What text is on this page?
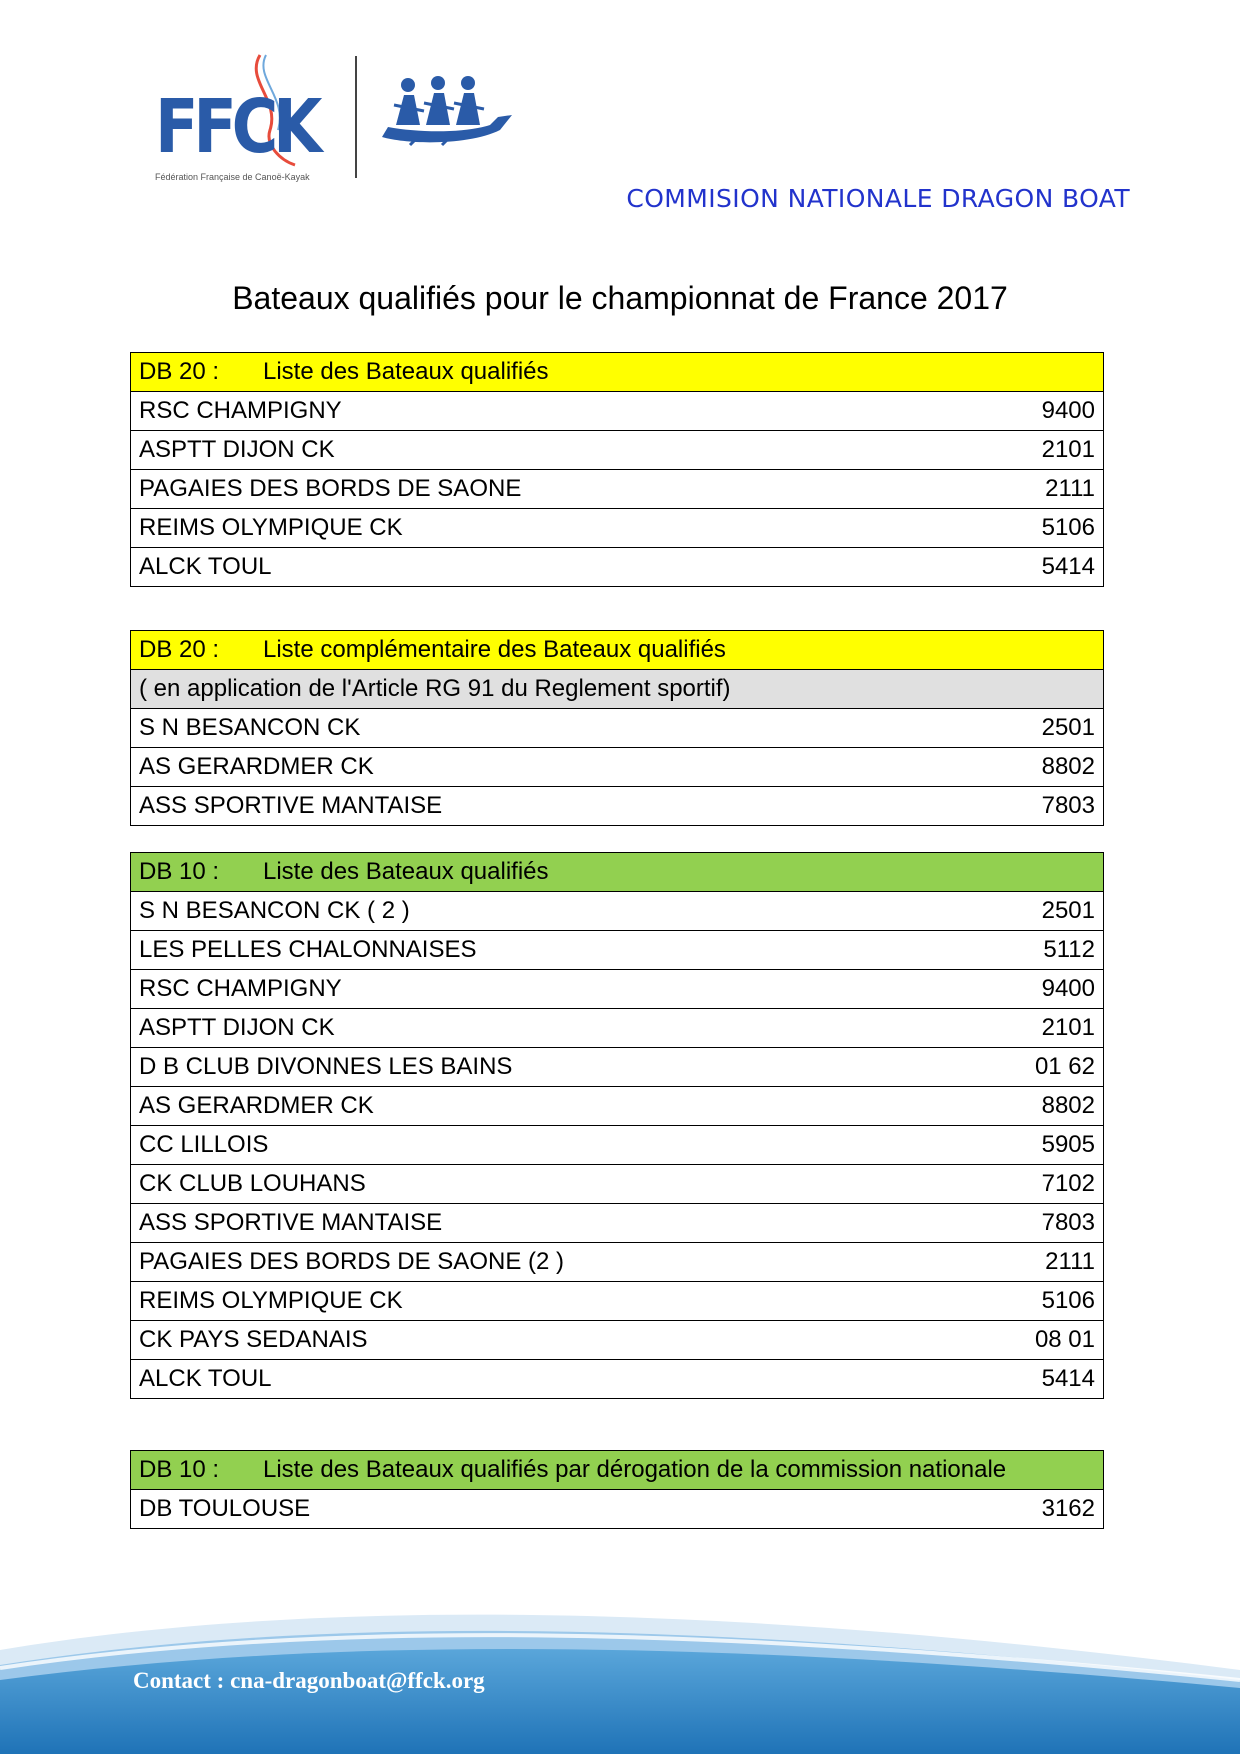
FFCK
Fédération Française de Canoë-Kayak
COMMISION NATIONALE DRAGON BOAT
Bateaux qualifiés pour le championnat de France 2017
DB 20 : Liste des Bateaux qualifiés	
RSC CHAMPIGNY	9400
ASPTT DIJON CK	2101
PAGAIES DES BORDS DE SAONE	2111
REIMS OLYMPIQUE CK	5106
ALCK TOUL	5414
DB 20 : Liste complémentaire des Bateaux qualifiés	
( en application de l'Article RG 91 du Reglement sportif)	
S N BESANCON CK	2501
AS GERARDMER CK	8802
ASS SPORTIVE MANTAISE	7803
DB 10 : Liste des Bateaux qualifiés	
S N BESANCON CK ( 2 )	2501
LES PELLES CHALONNAISES	5112
RSC CHAMPIGNY	9400
ASPTT DIJON CK	2101
D B CLUB DIVONNES LES BAINS	01 62
AS GERARDMER CK	8802
CC LILLOIS	5905
CK CLUB LOUHANS	7102
ASS SPORTIVE MANTAISE	7803
PAGAIES DES BORDS DE SAONE (2 )	2111
REIMS OLYMPIQUE CK	5106
CK PAYS SEDANAIS	08 01
ALCK TOUL	5414
DB 10 : Liste des Bateaux qualifiés par dérogation de la commission nationale
DB TOULOUSE	3162
Contact : cna-dragonboat@ffck.org
